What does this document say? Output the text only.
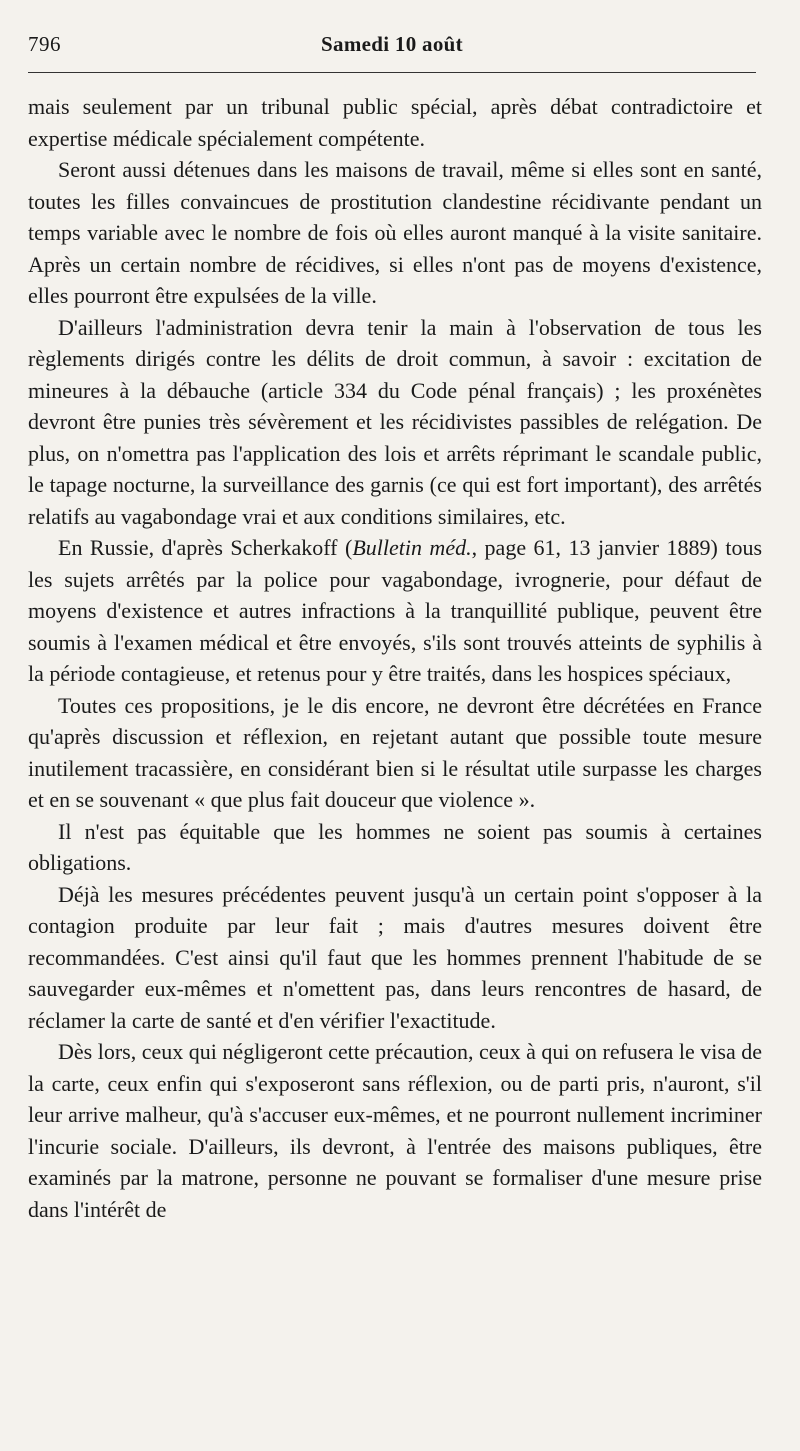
796	Samedi 10 août

mais seulement par un tribunal public spécial, après débat contradictoire et expertise médicale spécialement compétente.

Seront aussi détenues dans les maisons de travail, même si elles sont en santé, toutes les filles convaincues de prostitution clandestine récidivante pendant un temps variable avec le nombre de fois où elles auront manqué à la visite sanitaire. Après un certain nombre de récidives, si elles n'ont pas de moyens d'existence, elles pourront être expulsées de la ville.

D'ailleurs l'administration devra tenir la main à l'observation de tous les règlements dirigés contre les délits de droit commun, à savoir : excitation de mineures à la débauche (article 334 du Code pénal français) ; les proxénètes devront être punies très sévèrement et les récidivistes passibles de relégation. De plus, on n'omettra pas l'application des lois et arrêts réprimant le scandale public, le tapage nocturne, la surveillance des garnis (ce qui est fort important), des arrêtés relatifs au vagabondage vrai et aux conditions similaires, etc.

En Russie, d'après Scherkakoff (Bulletin méd., page 61, 13 janvier 1889) tous les sujets arrêtés par la police pour vagabondage, ivrognerie, pour défaut de moyens d'existence et autres infractions à la tranquillité publique, peuvent être soumis à l'examen médical et être envoyés, s'ils sont trouvés atteints de syphilis à la période contagieuse, et retenus pour y être traités, dans les hospices spéciaux,

Toutes ces propositions, je le dis encore, ne devront être décrétées en France qu'après discussion et réflexion, en rejetant autant que possible toute mesure inutilement tracassière, en considérant bien si le résultat utile surpasse les charges et en se souvenant « que plus fait douceur que violence ».

Il n'est pas équitable que les hommes ne soient pas soumis à certaines obligations.

Déjà les mesures précédentes peuvent jusqu'à un certain point s'opposer à la contagion produite par leur fait ; mais d'autres mesures doivent être recommandées. C'est ainsi qu'il faut que les hommes prennent l'habitude de se sauvegarder eux-mêmes et n'omettent pas, dans leurs rencontres de hasard, de réclamer la carte de santé et d'en vérifier l'exactitude.

Dès lors, ceux qui négligeront cette précaution, ceux à qui on refusera le visa de la carte, ceux enfin qui s'exposeront sans réflexion, ou de parti pris, n'auront, s'il leur arrive malheur, qu'à s'accuser eux-mêmes, et ne pourront nullement incriminer l'incurie sociale. D'ailleurs, ils devront, à l'entrée des maisons publiques, être examinés par la matrone, personne ne pouvant se formaliser d'une mesure prise dans l'intérêt de
